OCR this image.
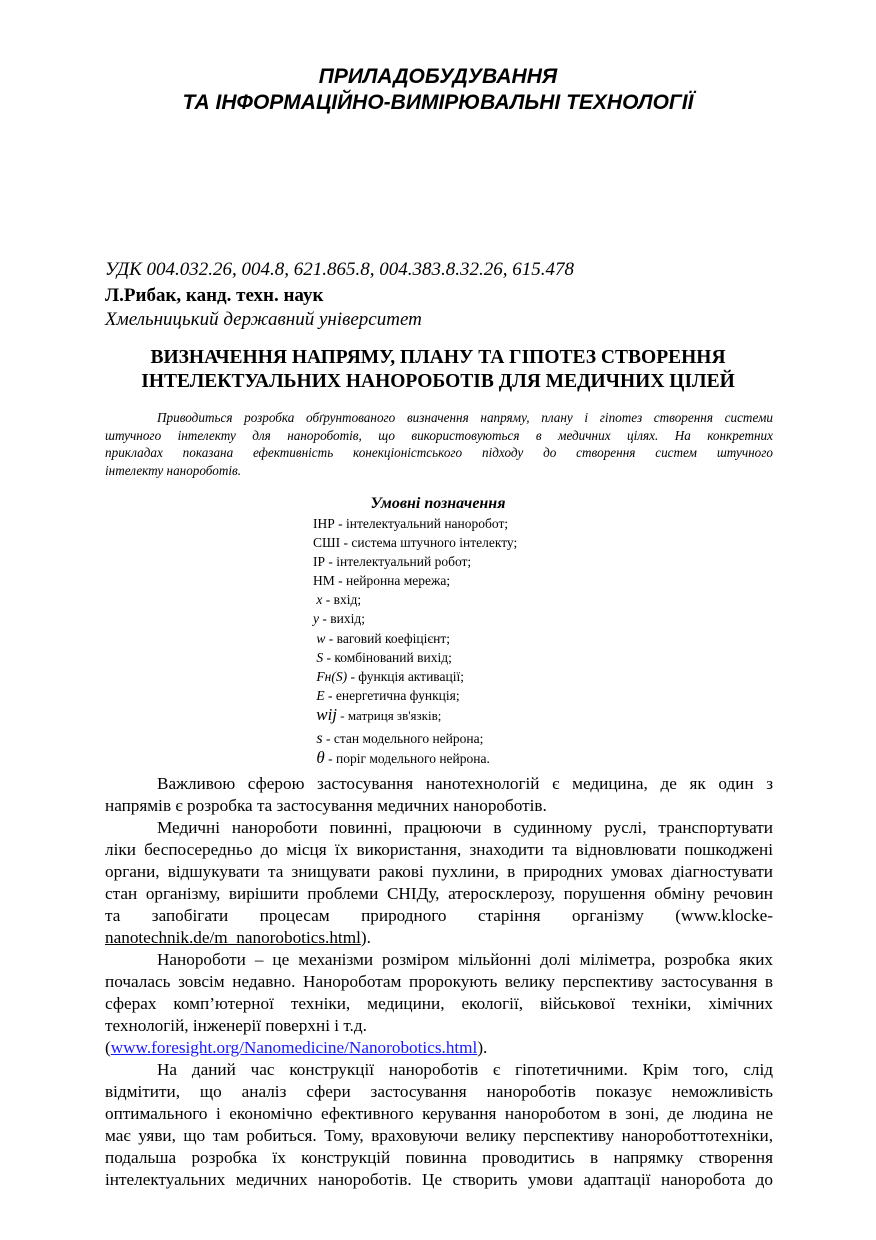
ПРИЛАДОБУДУВАННЯ
ТА ІНФОРМАЦІЙНО-ВИМІРЮВАЛЬНІ ТЕХНОЛОГІЇ
УДК 004.032.26, 004.8, 621.865.8, 004.383.8.32.26, 615.478
Л.Рибак, канд. техн. наук
Хмельницький державний університет
ВИЗНАЧЕННЯ НАПРЯМУ, ПЛАНУ ТА ГІПОТЕЗ СТВОРЕННЯ
ІНТЕЛЕКТУАЛЬНИХ НАНОРОБОТІВ ДЛЯ МЕДИЧНИХ ЦІЛЕЙ
Приводиться розробка обґрунтованого визначення напряму, плану і гіпотез створення системи
штучного інтелекту для нанороботів, що використовуються в медичних цілях. На конкретних
прикладах показана ефективність конекціоністського підходу до створення систем штучного
інтелекту нанороботів.
Умовні позначення
ІНР - інтелектуальний наноробот;
СШІ - система штучного інтелекту;
ІР - інтелектуальний робот;
НМ - нейронна мережа;
x - вхід;
y - вихід;
w - ваговий коефіцієнт;
S - комбінований вихід;
Fн(S) - функція активації;
E - енергетична функція;
wij - матриця зв'язків;
s - стан модельного нейрона;
θ - поріг модельного нейрона.
Важливою сферою застосування нанотехнологій є медицина, де як один з
напрямів є розробка та застосування медичних нанороботів.
Медичні нанороботи повинні, працюючи в судинному руслі, транспортувати
ліки беспосередньо до місця їх використання, знаходити та відновлювати пошкоджені
органи, відшукувати та знищувати ракові пухлини, в природних умовах діагностувати
стан організму, вирішити проблеми СНІДу, атеросклерозу, порушення обміну речовин
та      запобігати      процесам      природного      старіння      організму      (www.klocke-
nanotechnik.de/m_nanorobotics.html).
Нанороботи – це механізми розміром мільйонні долі міліметра, розробка яких
почалась зовсім недавно. Нанороботам пророкують велику перспективу застосування в
сферах комп’ютерної техніки, медицини, екології, військової техніки, хімічних
технологій, інженерії поверхні і т.д.
(www.foresight.org/Nanomedicine/Nanorobotics.html).
На даний час конструкції нанороботів є гіпотетичними. Крім того, слід
відмітити, що аналіз сфери застосування нанороботів показує неможливість
оптимального і економічно ефективного керування нанороботом в зоні, де людина не
має уяви, що там робиться. Тому, враховуючи велику перспективу нанороботтотехніки,
подальша розробка їх конструкцій повинна проводитись в напрямку створення
інтелектуальних медичних нанороботів. Це створить умови адаптації наноробота до
